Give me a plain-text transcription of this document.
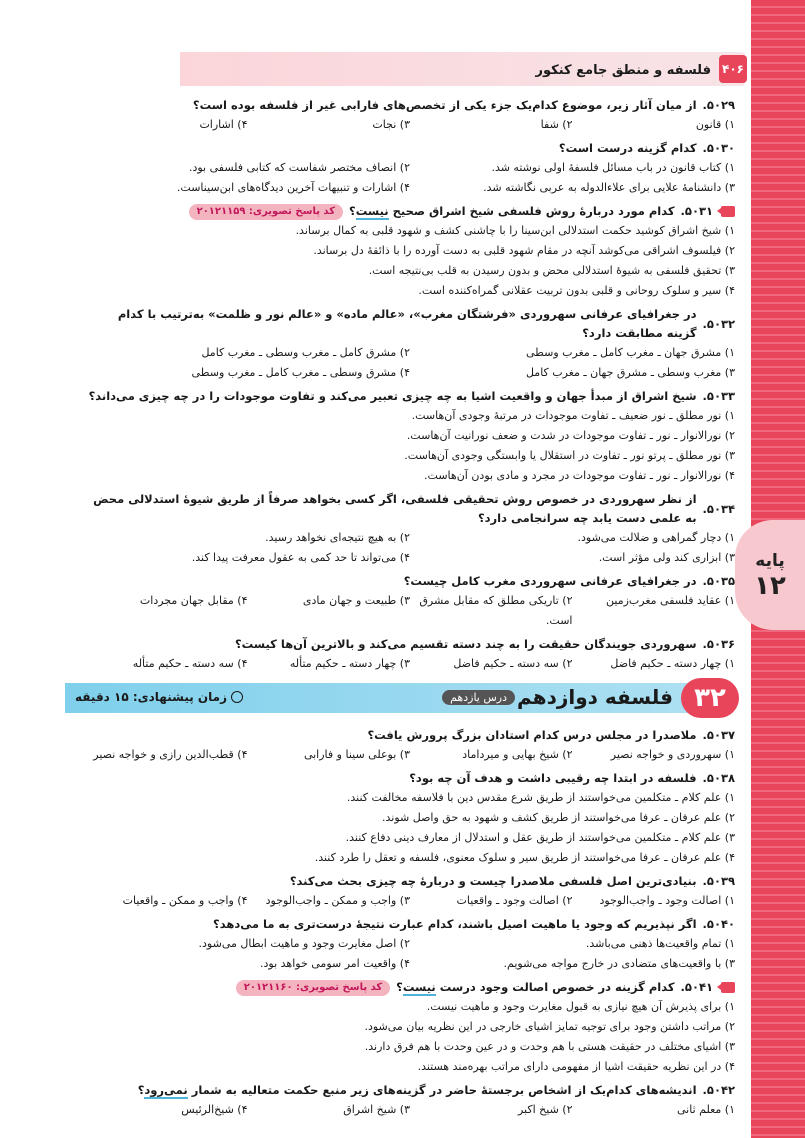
پایه
۱۲
فلسفه و منطق جامع کنکور ۴۰۶
۵۰۲۹.
از میان آثار زیر، موضوع کدام‌یک جزء یکی از تخصص‌های فارابی غیر از فلسفه بوده است؟
۱) قانون
۲) شفا
۳) نجات
۴) اشارات
۵۰۳۰.
کدام گزینه درست است؟
۱) کتاب قانون در باب مسائل فلسفهٔ اولی نوشته شد.
۲) انصاف مختصر شفاست که کتابی فلسفی بود.
۳) دانشنامهٔ علایی برای علاءالدوله به عربی نگاشته شد.
۴) اشارات و تنبیهات آخرین دیدگاه‌های ابن‌سیناست.
۵۰۳۱.
کدام مورد دربارهٔ روش فلسفی شیخ اشراق صحیح نیست؟
کد پاسخ تصویری: ۲۰۱۲۱۱۵۹
۱) شیخ اشراق کوشید حکمت استدلالی ابن‌سینا را با چاشنی کشف و شهود قلبی به کمال برساند.
۲) فیلسوف اشراقی می‌کوشد آنچه در مقام شهود قلبی به دست آورده را با ذائقهٔ دل برساند.
۳) تحقیق فلسفی به شیوهٔ استدلالی محض و بدون رسیدن به قلب بی‌نتیجه است.
۴) سیر و سلوک روحانی و قلبی بدون تربیت عقلانی گمراه‌کننده است.
۵۰۳۲.
در جغرافیای عرفانی سهروردی «فرشتگان مغرب»، «عالم ماده» و «عالم نور و ظلمت» به‌ترتیب با کدام گزینه مطابقت دارد؟
۱) مشرق جهان ـ مغرب کامل ـ مغرب وسطی
۲) مشرق کامل ـ مغرب وسطی ـ مغرب کامل
۳) مغرب وسطی ـ مشرق جهان ـ مغرب کامل
۴) مشرق وسطی ـ مغرب کامل ـ مغرب وسطی
۵۰۳۳.
شیخ اشراق از مبدأ جهان و واقعیت اشیا به چه چیزی تعبیر می‌کند و تفاوت موجودات را در چه چیزی می‌داند؟
۱) نور مطلق ـ نور ضعیف ـ تفاوت موجودات در مرتبهٔ وجودی آن‌هاست.
۲) نورالانوار ـ نور ـ تفاوت موجودات در شدت و ضعف نورانیت آن‌هاست.
۳) نور مطلق ـ پرتو نور ـ تفاوت در استقلال یا وابستگی وجودی آن‌هاست.
۴) نورالانوار ـ نور ـ تفاوت موجودات در مجرد و مادی بودن آن‌هاست.
۵۰۳۴.
از نظر سهروردی در خصوص روش تحقیقی فلسفی، اگر کسی بخواهد صرفاً از طریق شیوهٔ استدلالی محض به علمی دست یابد چه سرانجامی دارد؟
۱) دچار گمراهی و ضلالت می‌شود.
۲) به هیچ نتیجه‌ای نخواهد رسید.
۳) ابزاری کند ولی مؤثر است.
۴) می‌تواند تا حد کمی به عقول معرفت پیدا کند.
۵۰۳۵.
در جغرافیای عرفانی سهروردی مغرب کامل چیست؟
۱) عقاید فلسفی مغرب‌زمین
۲) تاریکی مطلق که مقابل مشرق است.
۳) طبیعت و جهان مادی
۴) مقابل جهان مجردات
۵۰۳۶.
سهروردی جویندگان حقیقت را به چند دسته تقسیم می‌کند و بالاترین آن‌ها کیست؟
۱) چهار دسته ـ حکیم فاضل
۲) سه دسته ـ حکیم فاضل
۳) چهار دسته ـ حکیم متأله
۴) سه دسته ـ حکیم متأله
۳۲
فلسفه دوازدهم
درس یازدهم
زمان پیشنهادی: ۱۵ دقیقه
۵۰۳۷.
ملاصدرا در مجلس درس کدام استادان بزرگ پرورش یافت؟
۱) سهروردی و خواجه نصیر
۲) شیخ بهایی و میرداماد
۳) بوعلی سینا و فارابی
۴) قطب‌الدین رازی و خواجه نصیر
۵۰۳۸.
فلسفه در ابتدا چه رقیبی داشت و هدف آن چه بود؟
۱) علم کلام ـ متکلمین می‌خواستند از طریق شرع مقدس دین با فلاسفه مخالفت کنند.
۲) علم عرفان ـ عرفا می‌خواستند از طریق کشف و شهود به حق واصل شوند.
۳) علم کلام ـ متکلمین می‌خواستند از طریق عقل و استدلال از معارف دینی دفاع کنند.
۴) علم عرفان ـ عرفا می‌خواستند از طریق سیر و سلوک معنوی، فلسفه و تعقل را طرد کنند.
۵۰۳۹.
بنیادی‌ترین اصل فلسفی ملاصدرا چیست و دربارهٔ چه چیزی بحث می‌کند؟
۱) اصالت وجود ـ واجب‌الوجود
۲) اصالت وجود ـ واقعیات
۳) واجب و ممکن ـ واجب‌الوجود
۴) واجب و ممکن ـ واقعیات
۵۰۴۰.
اگر نپذیریم که وجود یا ماهیت اصیل باشند، کدام عبارت نتیجهٔ درست‌تری به ما می‌دهد؟
۱) تمام واقعیت‌ها ذهنی می‌باشد.
۲) اصل مغایرت وجود و ماهیت ابطال می‌شود.
۳) با واقعیت‌های متضادی در خارج مواجه می‌شویم.
۴) واقعیت امر سومی خواهد بود.
۵۰۴۱.
کدام گزینه در خصوص اصالت وجود درست نیست؟
کد پاسخ تصویری: ۲۰۱۲۱۱۶۰
۱) برای پذیرش آن هیچ نیازی به قبول مغایرت وجود و ماهیت نیست.
۲) مراتب داشتن وجود برای توجیه تمایز اشیای خارجی در این نظریه بیان می‌شود.
۳) اشیای مختلف در حقیقت هستی با هم وحدت و در عین وحدت با هم فرق دارند.
۴) در این نظریه حقیقت اشیا از مفهومی دارای مراتب بهره‌مند هستند.
۵۰۴۲.
اندیشه‌های کدام‌یک از اشخاص برجستهٔ حاضر در گزینه‌های زیر منبع حکمت متعالیه به شمار نمی‌رود؟
۱) معلم ثانی
۲) شیخ اکبر
۳) شیخ اشراق
۴) شیخ‌الرئیس
